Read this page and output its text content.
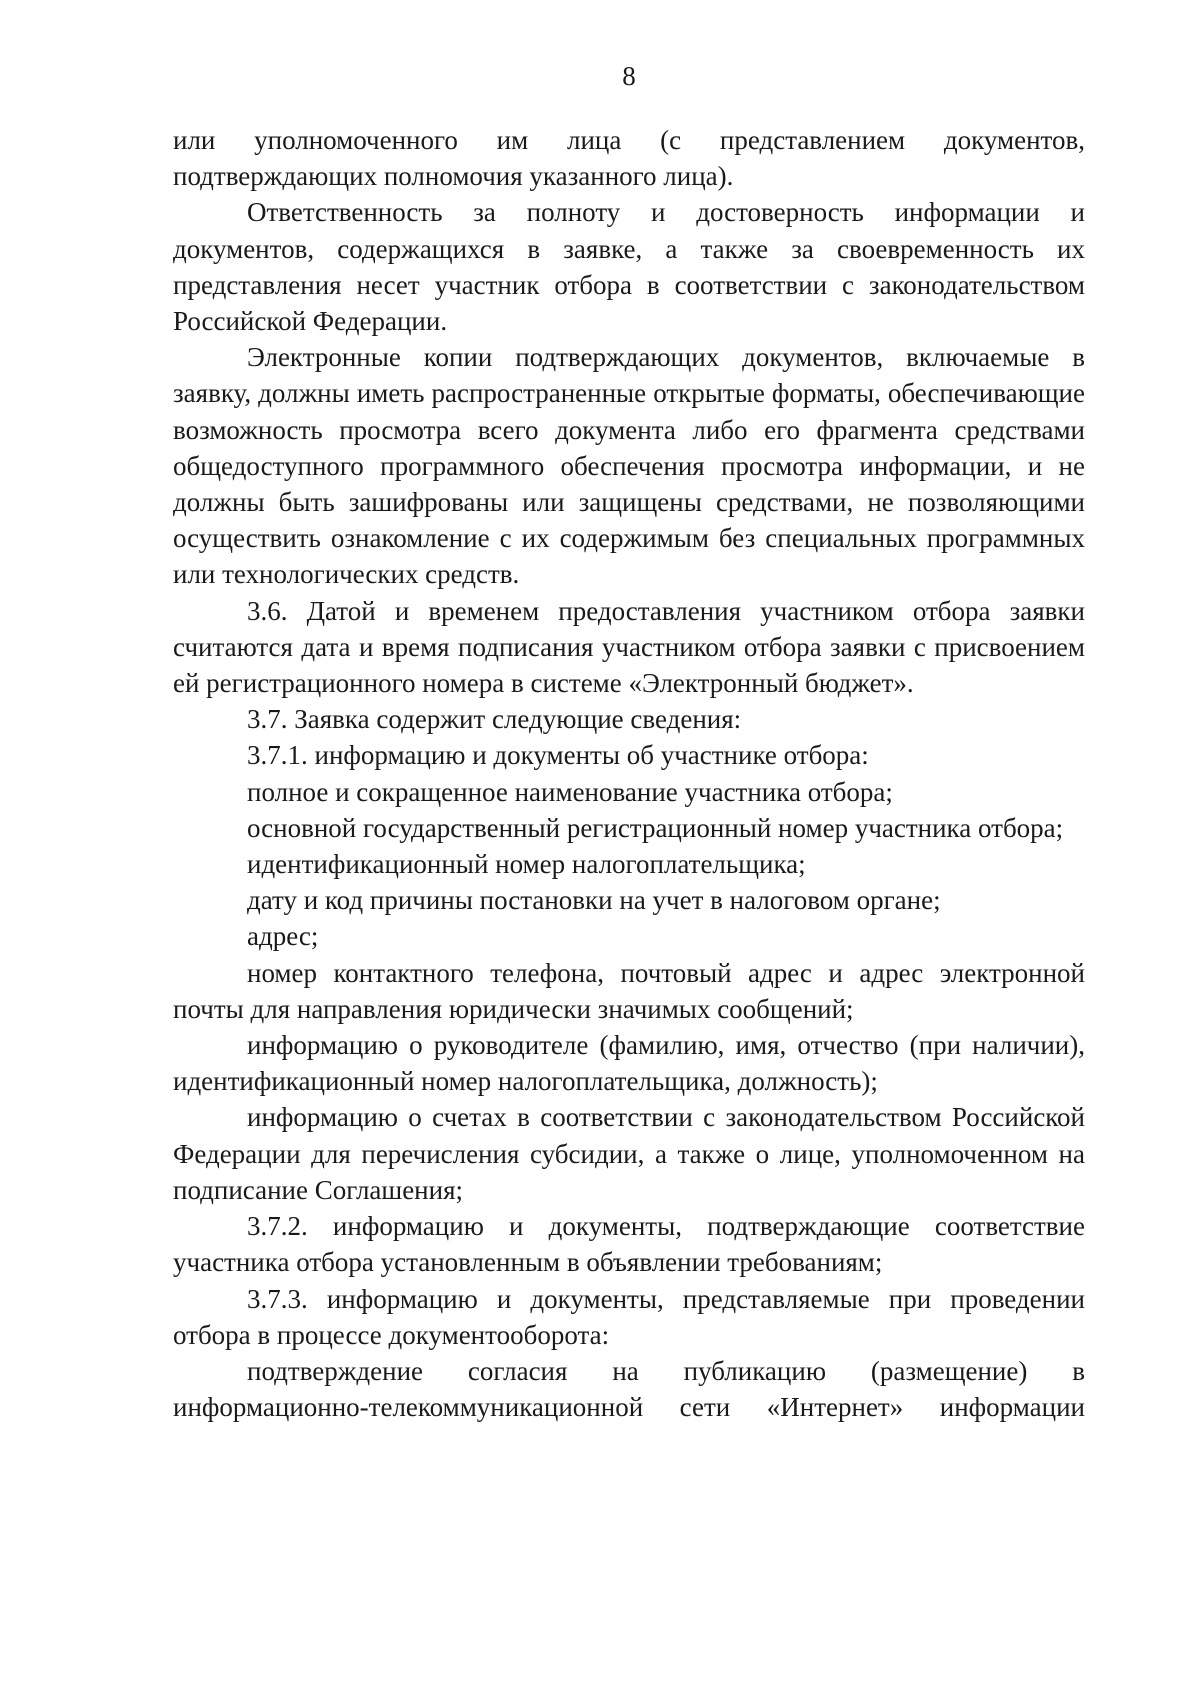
8

или уполномоченного им лица (с представлением документов, подтверждающих полномочия указанного лица).

Ответственность за полноту и достоверность информации и документов, содержащихся в заявке, а также за своевременность их представления несет участник отбора в соответствии с законодательством Российской Федерации.

Электронные копии подтверждающих документов, включаемые в заявку, должны иметь распространенные открытые форматы, обеспечивающие возможность просмотра всего документа либо его фрагмента средствами общедоступного программного обеспечения просмотра информации, и не должны быть зашифрованы или защищены средствами, не позволяющими осуществить ознакомление с их содержимым без специальных программных или технологических средств.

3.6. Датой и временем предоставления участником отбора заявки считаются дата и время подписания участником отбора заявки с присвоением ей регистрационного номера в системе «Электронный бюджет».

3.7. Заявка содержит следующие сведения:

3.7.1. информацию и документы об участнике отбора:

полное и сокращенное наименование участника отбора;

основной государственный регистрационный номер участника отбора;

идентификационный номер налогоплательщика;

дату и код причины постановки на учет в налоговом органе;

адрес;

номер контактного телефона, почтовый адрес и адрес электронной почты для направления юридически значимых сообщений;

информацию о руководителе (фамилию, имя, отчество (при наличии), идентификационный номер налогоплательщика, должность);

информацию о счетах в соответствии с законодательством Российской Федерации для перечисления субсидии, а также о лице, уполномоченном на подписание Соглашения;

3.7.2. информацию и документы, подтверждающие соответствие участника отбора установленным в объявлении требованиям;

3.7.3. информацию и документы, представляемые при проведении отбора в процессе документооборота:

подтверждение согласия на публикацию (размещение) в информационно-телекоммуникационной сети «Интернет» информации
